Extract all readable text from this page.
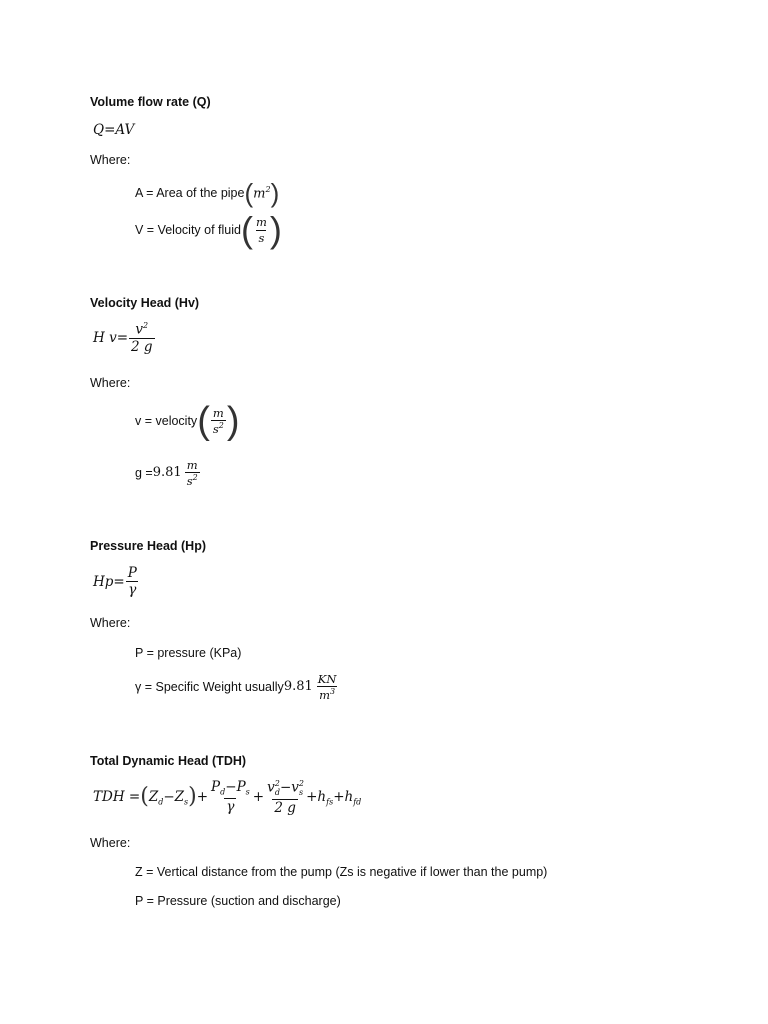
Volume flow rate (Q)
Q=AV
Where:
A = Area of the pipe ( $m^2$ )
V = Velocity of fluid ( $\frac{m}{s}$ )
Velocity Head (Hv)
H $v= \frac{v^2}{2 g}$
Where:
v = velocity ( $\frac{m}{s^2}$ )
$g = 9.81 \frac{m}{s^2}$
Pressure Head (Hp)
$Hp= \frac{P}{\gamma}$
Where:
P = pressure (KPa)
γ = Specific Weight usually $9.81 \frac{KN}{m^3}$
Total Dynamic Head (TDH)
TDH = ( $Z_d - Z_s$ ) + $\frac{P_d-P_s}{\gamma} + \frac{v^2_d-v^2_s}{2 g} + h_{fs} + h_{fd}$
Where:
Z = Vertical distance from the pump (Zs is negative if lower than the pump)
P = Pressure (suction and discharge)
